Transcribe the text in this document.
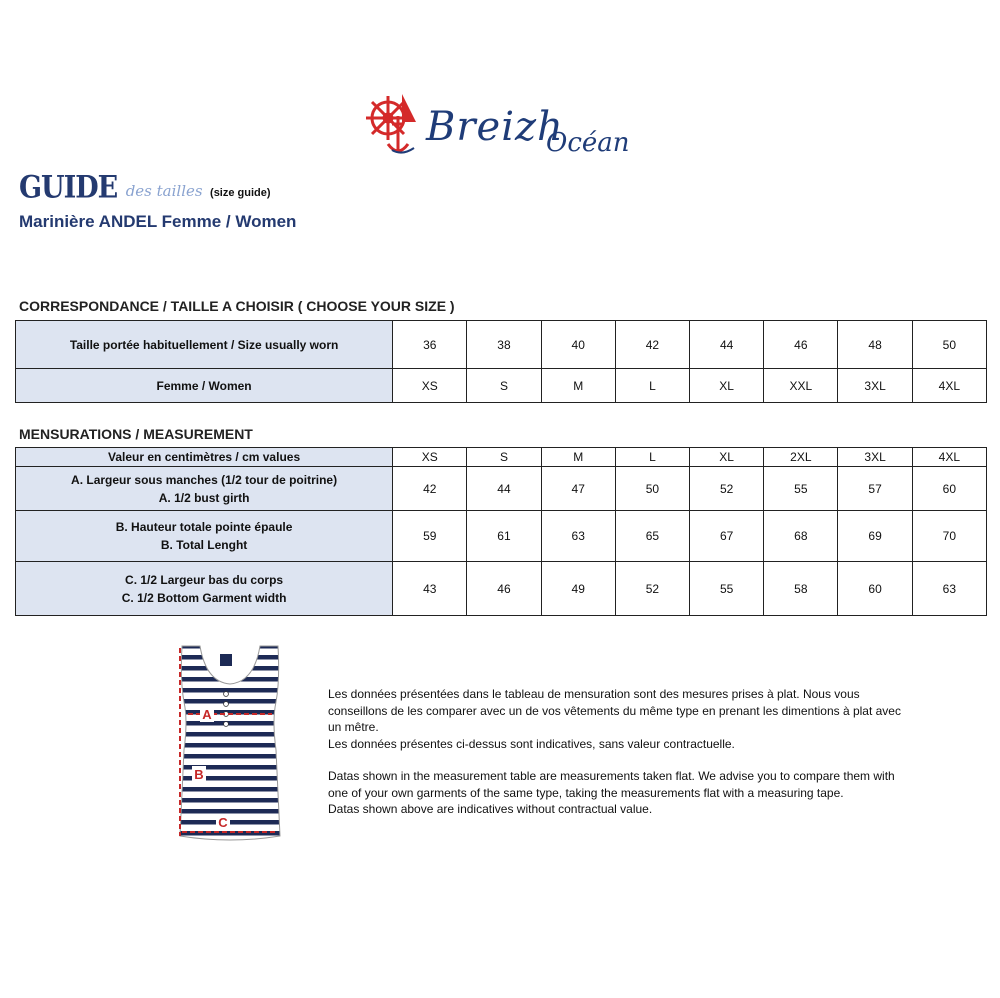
Breizh
Océan
GUIDE des tailles (size guide)
Marinière ANDEL Femme / Women
CORRESPONDANCE / TAILLE A CHOISIR ( CHOOSE YOUR SIZE )
Taille portée habituellement / Size usually worn	36	38	40	42	44	46	48	50
Femme / Women	XS	S	M	L	XL	XXL	3XL	4XL
MENSURATIONS / MEASUREMENT
Valeur en centimètres / cm values	XS	S	M	L	XL	2XL	3XL	4XL

A. Largeur sous manches (1/2 tour de poitrine)
A. 1/2 bust girth	42	44	47	50	52	55	57	60

B. Hauteur totale pointe épaule
B. Total Lenght	59	61	63	65	67	68	69	70

C. 1/2 Largeur bas du corps
C. 1/2 Bottom Garment width	43	46	49	52	55	58	60	63
A
B
C

Les données présentées dans le tableau de mensuration sont des mesures prises à plat. Nous vous conseillons de les comparer avec un de vos vêtements du même type en prenant les dimentions à plat avec un mêtre.

Les données présentes ci-dessus sont indicatives, sans valeur contractuelle.

Datas shown in the measurement table are measurements taken flat. We advise you to compare them with one of your own garments of the same type, taking the measurements flat with a measuring tape.

Datas shown above are indicatives without contractual value.
